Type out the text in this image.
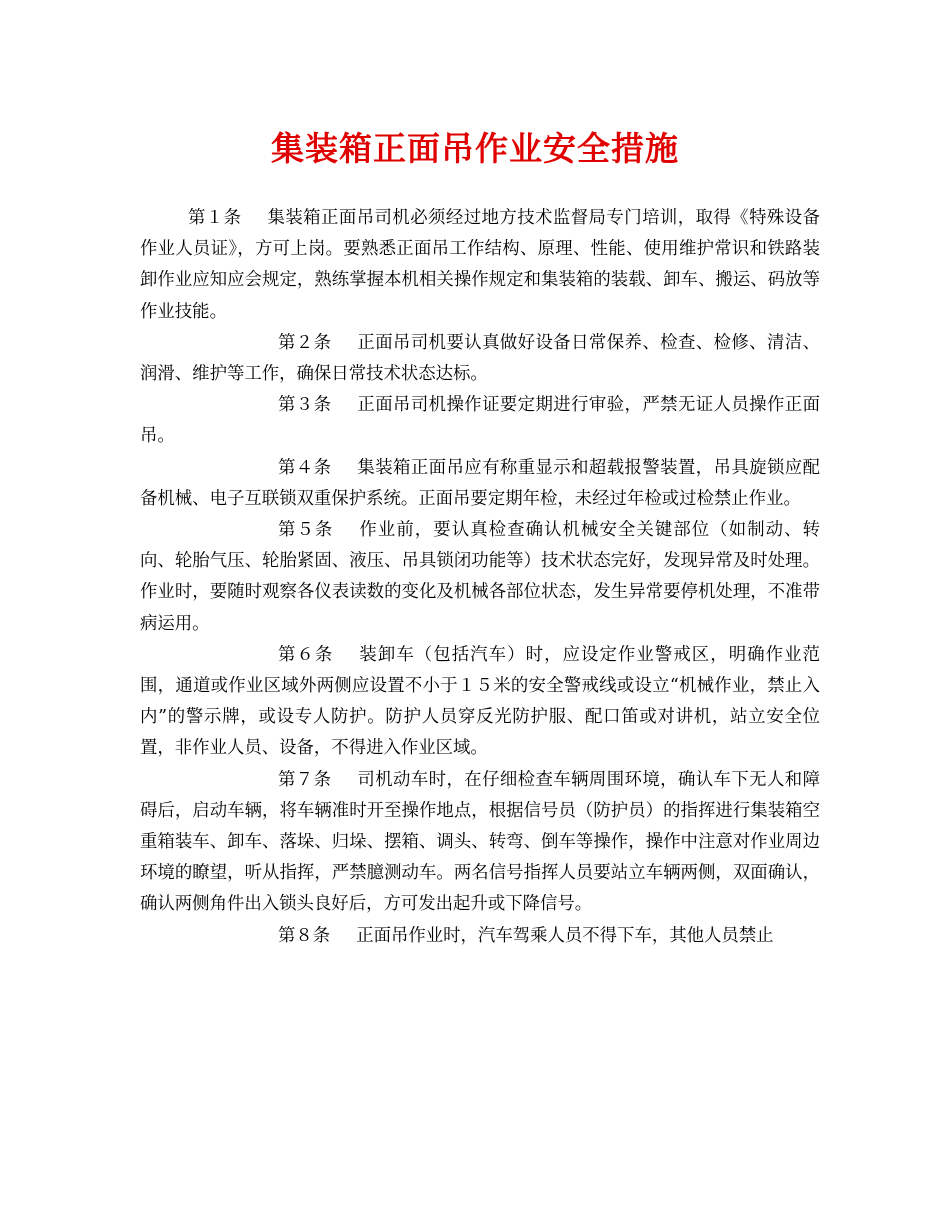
集装箱正面吊作业安全措施

第１条 集装箱正面吊司机必须经过地方技术监督局专门培训，取得《特殊设备作业人员证》，方可上岗。要熟悉正面吊工作结构、原理、性能、使用维护常识和铁路装卸作业应知应会规定，熟练掌握本机相关操作规定和集装箱的装载、卸车、搬运、码放等作业技能。

第２条 正面吊司机要认真做好设备日常保养、检查、检修、清洁、润滑、维护等工作，确保日常技术状态达标。

第３条 正面吊司机操作证要定期进行审验，严禁无证人员操作正面吊。

第４条 集装箱正面吊应有称重显示和超载报警装置，吊具旋锁应配备机械、电子互联锁双重保护系统。正面吊要定期年检，未经过年检或过检禁止作业。

第５条 作业前，要认真检查确认机械安全关键部位（如制动、转向、轮胎气压、轮胎紧固、液压、吊具锁闭功能等）技术状态完好，发现异常及时处理。作业时，要随时观察各仪表读数的变化及机械各部位状态，发生异常要停机处理，不准带病运用。

第６条 装卸车（包括汽车）时，应设定作业警戒区，明确作业范围，通道或作业区域外两侧应设置不小于１５米的安全警戒线或设立“机械作业，禁止入内”的警示牌，或设专人防护。防护人员穿反光防护服、配口笛或对讲机，站立安全位置，非作业人员、设备，不得进入作业区域。

第７条 司机动车时，在仔细检查车辆周围环境，确认车下无人和障碍后，启动车辆，将车辆准时开至操作地点，根据信号员（防护员）的指挥进行集装箱空重箱装车、卸车、落垛、归垛、摆箱、调头、转弯、倒车等操作，操作中注意对作业周边环境的瞭望，听从指挥，严禁臆测动车。两名信号指挥人员要站立车辆两侧，双面确认，确认两侧角件出入锁头良好后，方可发出起升或下降信号。

第８条 正面吊作业时，汽车驾乘人员不得下车，其他人员禁止
